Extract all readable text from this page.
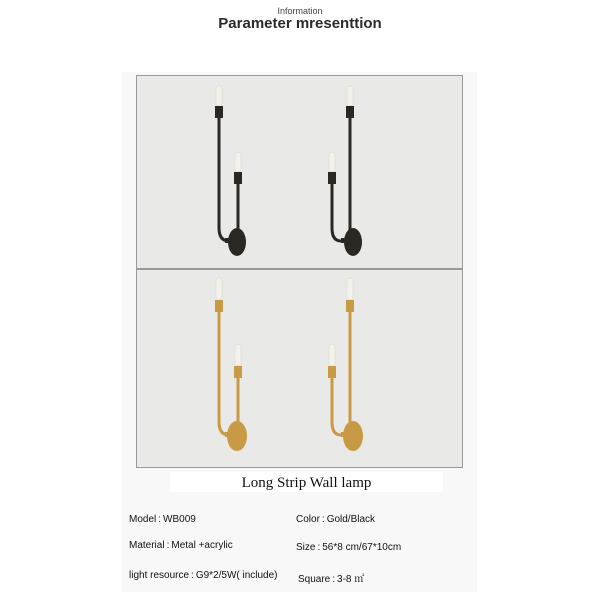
Information
Parameter mresenttion
Long Strip Wall lamp
Model : WB009	Color : Gold/Black
Material : Metal +acrylic	Size : 56*8 cm/67*10cm
light resource : G9*2/5W( include) Square : 3-8 ㎡
